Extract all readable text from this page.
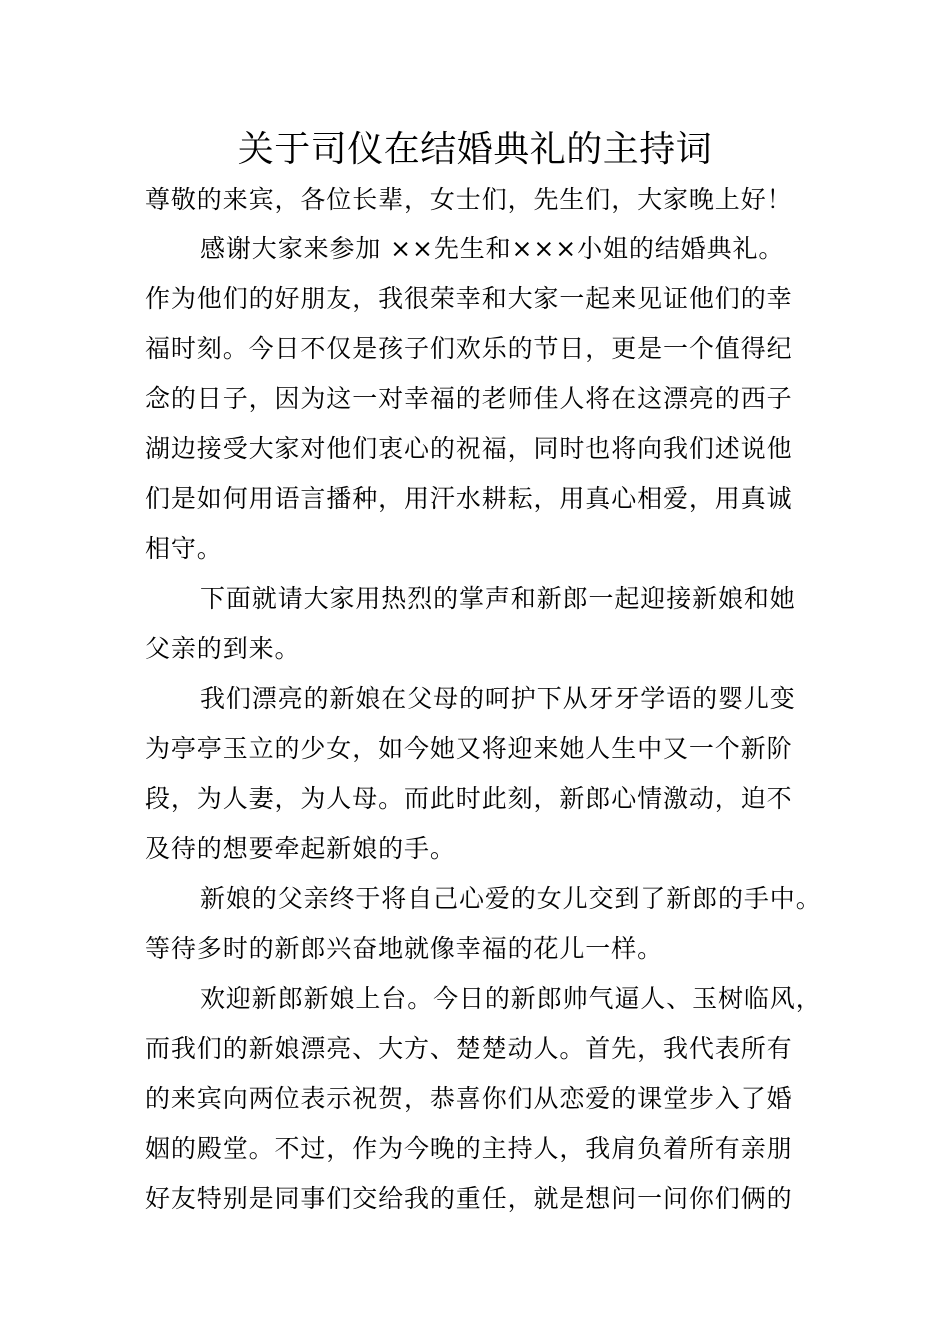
关于司仪在结婚典礼的主持词

尊敬的来宾，各位长辈，女士们，先生们，大家晚上好！

感谢大家来参加 ××先生和×××小姐的结婚典礼。

作为他们的好朋友，我很荣幸和大家一起来见证他们的幸

福时刻。今日不仅是孩子们欢乐的节日，更是一个值得纪

念的日子，因为这一对幸福的老师佳人将在这漂亮的西子

湖边接受大家对他们衷心的祝福，同时也将向我们述说他

们是如何用语言播种，用汗水耕耘，用真心相爱，用真诚

相守。

下面就请大家用热烈的掌声和新郎一起迎接新娘和她

父亲的到来。

我们漂亮的新娘在父母的呵护下从牙牙学语的婴儿变

为亭亭玉立的少女，如今她又将迎来她人生中又一个新阶

段，为人妻，为人母。而此时此刻，新郎心情激动，迫不

及待的想要牵起新娘的手。

新娘的父亲终于将自己心爱的女儿交到了新郎的手中。

等待多时的新郎兴奋地就像幸福的花儿一样。

欢迎新郎新娘上台。今日的新郎帅气逼人、玉树临风，

而我们的新娘漂亮、大方、楚楚动人。首先，我代表所有

的来宾向两位表示祝贺，恭喜你们从恋爱的课堂步入了婚

姻的殿堂。不过，作为今晚的主持人，我肩负着所有亲朋

好友特别是同事们交给我的重任，就是想问一问你们俩的
